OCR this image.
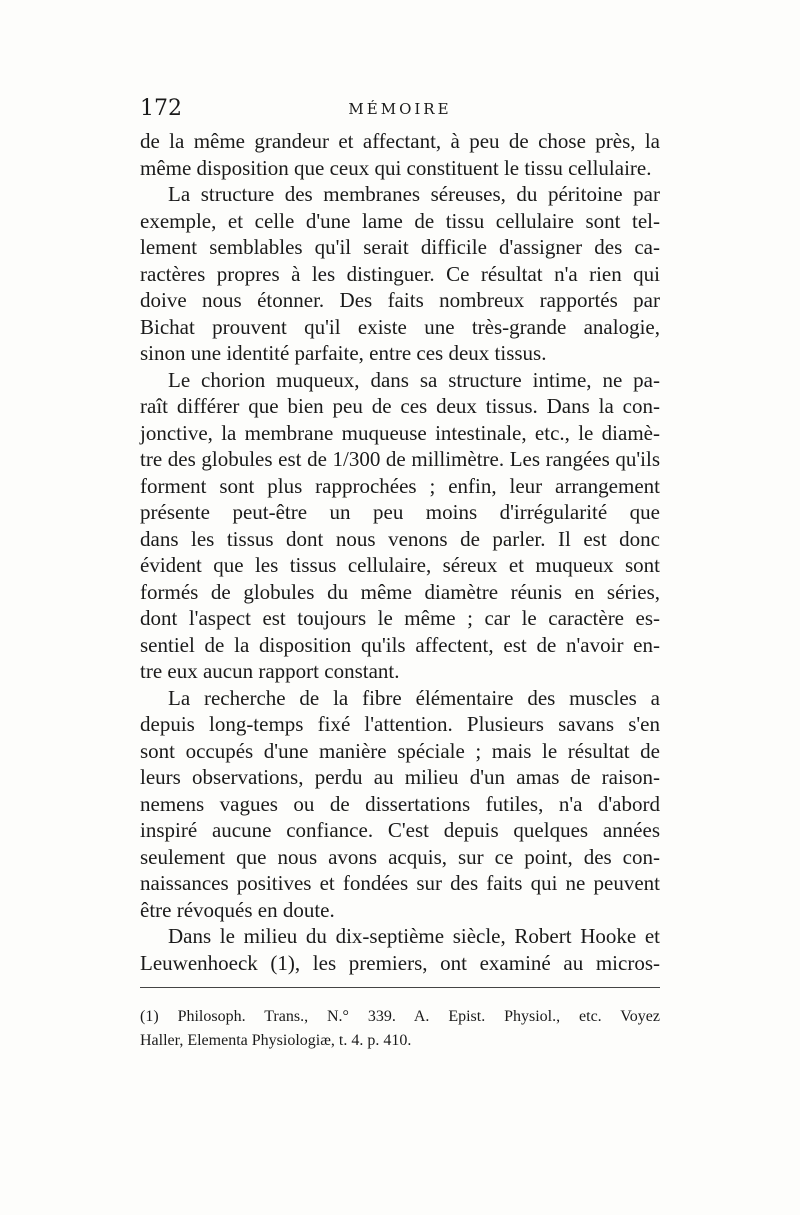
172	MÉMOIRE
de la même grandeur et affectant, à peu de chose près, la
même disposition que ceux qui constituent le tissu cellulaire.
La structure des membranes séreuses, du péritoine par
exemple, et celle d'une lame de tissu cellulaire sont tel-
lement semblables qu'il serait difficile d'assigner des ca-
ractères propres à les distinguer. Ce résultat n'a rien qui
doive nous étonner. Des faits nombreux rapportés par
Bichat prouvent qu'il existe une très-grande analogie,
sinon une identité parfaite, entre ces deux tissus.
Le chorion muqueux, dans sa structure intime, ne pa-
raît différer que bien peu de ces deux tissus. Dans la con-
jonctive, la membrane muqueuse intestinale, etc., le diamè-
tre des globules est de 1/300 de millimètre. Les rangées qu'ils
forment sont plus rapprochées ; enfin, leur arrangement
présente peut-être un peu moins d'irrégularité que
dans les tissus dont nous venons de parler. Il est donc
évident que les tissus cellulaire, séreux et muqueux sont
formés de globules du même diamètre réunis en séries,
dont l'aspect est toujours le même ; car le caractère es-
sentiel de la disposition qu'ils affectent, est de n'avoir en-
tre eux aucun rapport constant.
La recherche de la fibre élémentaire des muscles a
depuis long-temps fixé l'attention. Plusieurs savans s'en
sont occupés d'une manière spéciale ; mais le résultat de
leurs observations, perdu au milieu d'un amas de raison-
nemens vagues ou de dissertations futiles, n'a d'abord
inspiré aucune confiance. C'est depuis quelques années
seulement que nous avons acquis, sur ce point, des con-
naissances positives et fondées sur des faits qui ne peuvent
être révoqués en doute.
Dans le milieu du dix-septième siècle, Robert Hooke et
Leuwenhoeck (1), les premiers, ont examiné au micros-
(1) Philosoph. Trans., N.° 339. A. Epist. Physiol., etc. Voyez
Haller, Elementa Physiologiæ, t. 4. p. 410.
